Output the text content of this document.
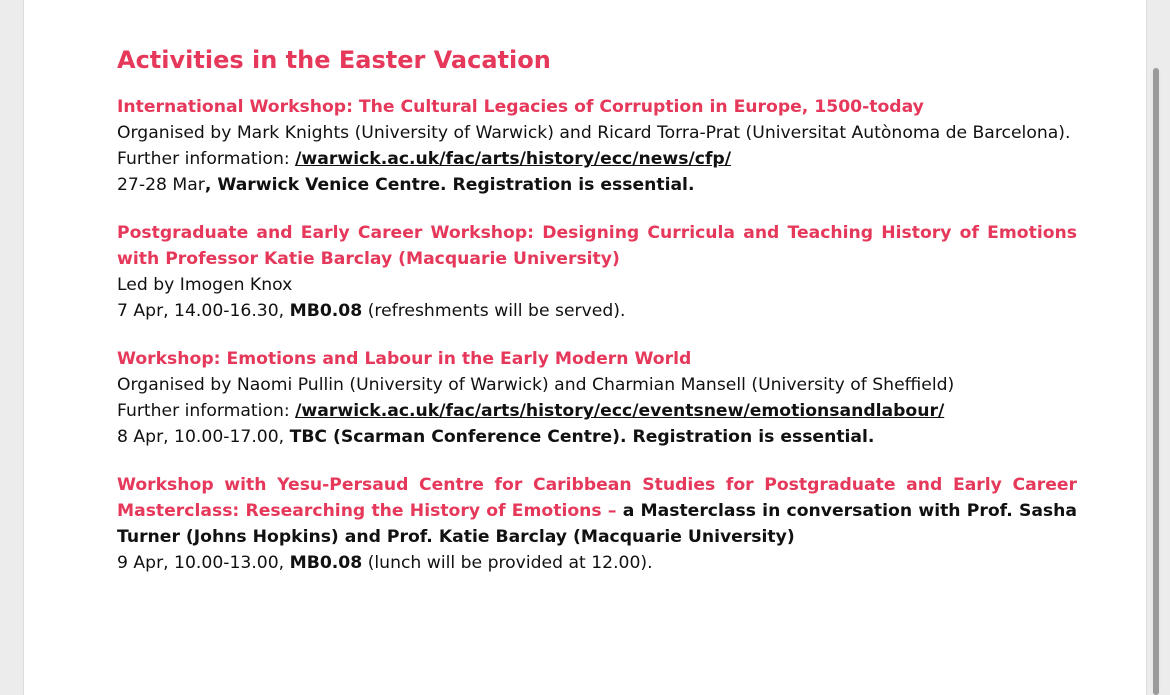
Activities in the Easter Vacation
International Workshop: The Cultural Legacies of Corruption in Europe, 1500-today
Organised by Mark Knights (University of Warwick) and Ricard Torra-Prat (Universitat Autònoma de Barcelona).
Further information: /warwick.ac.uk/fac/arts/history/ecc/news/cfp/
27-28 Mar, Warwick Venice Centre. Registration is essential.
Postgraduate and Early Career Workshop: Designing Curricula and Teaching History of Emotions with Professor Katie Barclay (Macquarie University)
Led by Imogen Knox
7 Apr, 14.00-16.30, MB0.08 (refreshments will be served).
Workshop: Emotions and Labour in the Early Modern World
Organised by Naomi Pullin (University of Warwick) and Charmian Mansell (University of Sheffield)
Further information: /warwick.ac.uk/fac/arts/history/ecc/eventsnew/emotionsandlabour/
8 Apr, 10.00-17.00, TBC (Scarman Conference Centre). Registration is essential.
Workshop with Yesu-Persaud Centre for Caribbean Studies for Postgraduate and Early Career Masterclass: Researching the History of Emotions – a Masterclass in conversation with Prof. Sasha Turner (Johns Hopkins) and Prof. Katie Barclay (Macquarie University)
9 Apr, 10.00-13.00, MB0.08 (lunch will be provided at 12.00).
